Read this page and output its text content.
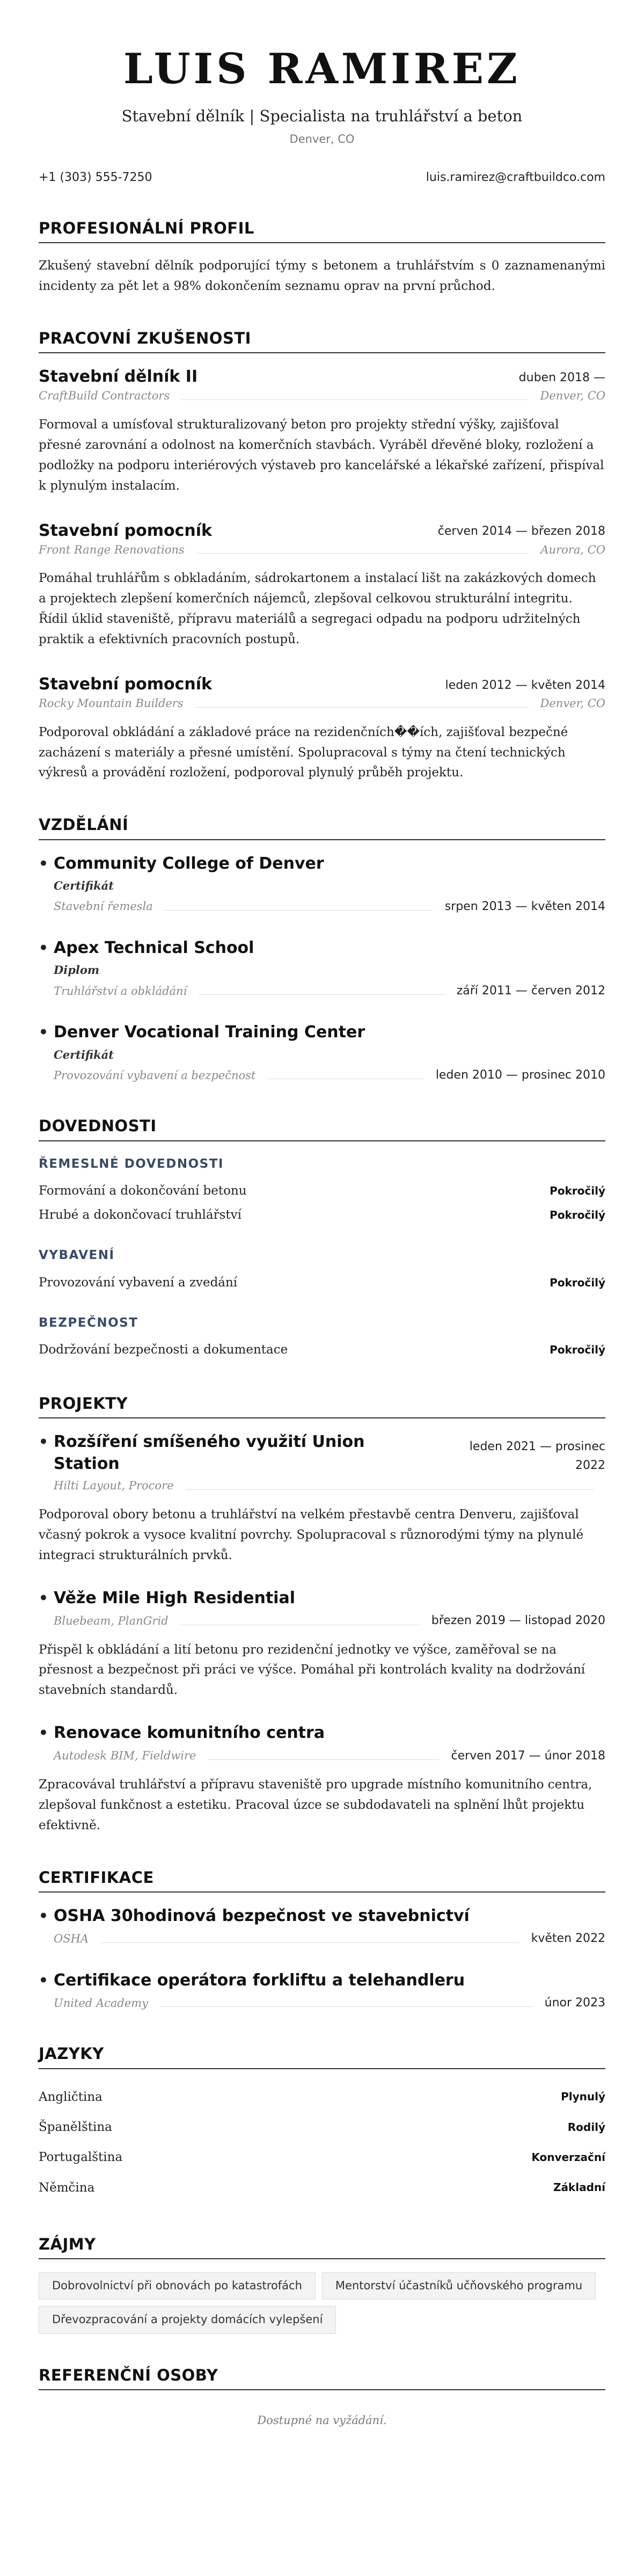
LUIS RAMIREZ
Stavební dělník | Specialista na truhlářství a beton
Denver, CO
+1 (303) 555-7250	luis.ramirez@craftbuildco.com
PROFESIONÁLNÍ PROFIL

Zkušený stavební dělník podporující týmy s betonem a truhlářstvím s 0 zaznamenanými incidenty za pět let a 98% dokončením seznamu oprav na první průchod.

PRACOVNÍ ZKUŠENOSTI
Stavební dělník II	duben 2018 —
CraftBuild Contractors	Denver, CO

Formoval a umísťoval strukturalizovaný beton pro projekty střední výšky, zajišťoval přesné zarovnání a odolnost na komerčních stavbách. Vyráběl dřevěné bloky, rozložení a podložky na podporu interiérových výstaveb pro kancelářské a lékařské zařízení, přispíval k plynulým instalacím.

Stavební pomocník	červen 2014 — březen 2018
Front Range Renovations	Aurora, CO

Pomáhal truhlářům s obkladáním, sádrokartonem a instalací lišt na zakázkových domech a projektech zlepšení komerčních nájemců, zlepšoval celkovou strukturální integritu. Řídil úklid staveniště, přípravu materiálů a segregaci odpadu na podporu udržitelných praktik a efektivních pracovních postupů.

Stavební pomocník	leden 2012 — květen 2014
Rocky Mountain Builders	Denver, CO

Podporoval obkládání a základové práce na rezidenčních��ích, zajišťoval bezpečné zacházení s materiály a přesné umístění. Spolupracoval s týmy na čtení technických výkresů a provádění rozložení, podporoval plynulý průběh projektu.

VZDĚLÁNÍ
• Community College of Denver
Certifikát
Stavební řemesla	srpen 2013 — květen 2014
• Apex Technical School
Diplom
Truhlářství a obkládání	září 2011 — červen 2012
• Denver Vocational Training Center
Certifikát
Provozování vybavení a bezpečnost	leden 2010 — prosinec 2010
DOVEDNOSTI
ŘEMESLNÉ DOVEDNOSTI
Formování a dokončování betonu	Pokročilý
Hrubé a dokončovací truhlářství	Pokročilý
VYBAVENÍ
Provozování vybavení a zvedání	Pokročilý
BEZPEČNOST
Dodržování bezpečnosti a dokumentace	Pokročilý
PROJEKTY
• Rozšíření smíšeného využití Union Station
leden 2021 — prosinec 2022
Hilti Layout, Procore

Podporoval obory betonu a truhlářství na velkém přestavbě centra Denveru, zajišťoval včasný pokrok a vysoce kvalitní povrchy. Spolupracoval s různorodými týmy na plynulé integraci strukturálních prvků.

• Věže Mile High Residential
Bluebeam, PlanGrid	březen 2019 — listopad 2020

Přispěl k obkládání a lití betonu pro rezidenční jednotky ve výšce, zaměřoval se na přesnost a bezpečnost při práci ve výšce. Pomáhal při kontrolách kvality na dodržování stavebních standardů.

• Renovace komunitního centra
Autodesk BIM, Fieldwire	červen 2017 — únor 2018

Zpracovával truhlářství a přípravu staveniště pro upgrade místního komunitního centra, zlepšoval funkčnost a estetiku. Pracoval úzce se subdodavateli na splnění lhůt projektu efektivně.

CERTIFIKACE
• OSHA 30hodinová bezpečnost ve stavebnictví
OSHA	květen 2022
• Certifikace operátora forkliftu a telehandleru
United Academy	únor 2023
JAZYKY
Angličtina	Plynulý
Španělština	Rodilý
Portugalština	Konverzační
Němčina	Základní
ZÁJMY
Dobrovolnictví při obnovách po katastrofách	Mentorství účastníků učňovského programu
Dřevozpracování a projekty domácích vylepšení
REFERENČNÍ OSOBY
Dostupné na vyžádání.
